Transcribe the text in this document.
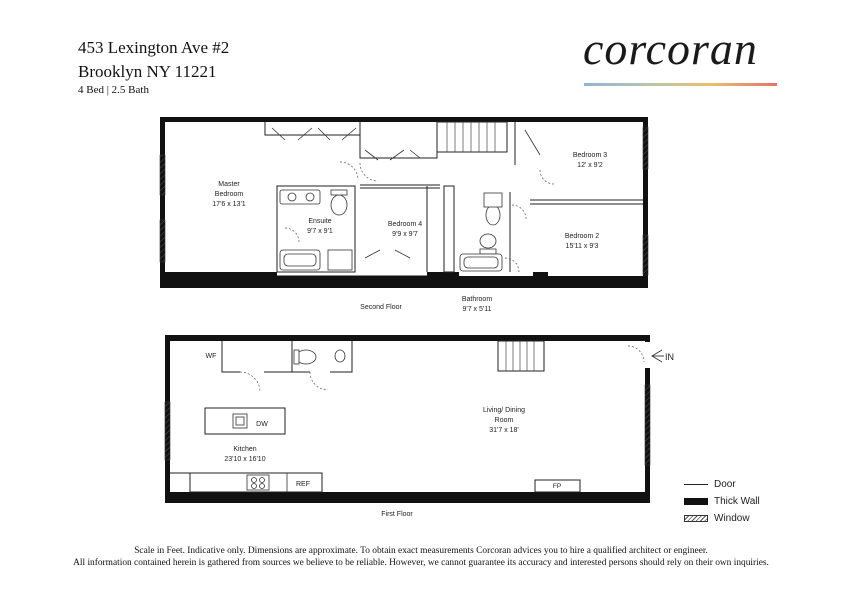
453 Lexington Ave #2
Brooklyn NY 11221
4 Bed | 2.5 Bath
corcoran
Master
Bedroom
17'6 x 13'1
Ensuite
9'7 x 9'1
Bedroom 4
9'9 x 9'7
Bedroom 3
12' x 9'2
Bedroom 2
15'11 x 9'3
Bathroom
9'7 x 5'11
Second Floor
WF
DW
REF	FP
IN
Living/ Dining
Room
31'7 x 18'
Kitchen
23'10 x 16'10
First Floor
Door
Thick Wall
Window
Scale in Feet. Indicative only. Dimensions are approximate. To obtain exact measurements Corcoran advices you to hire a qualified architect or engineer.
All information contained herein is gathered from sources we believe to be reliable. However, we cannot guarantee its accuracy and interested persons should rely on their own inquiries.
